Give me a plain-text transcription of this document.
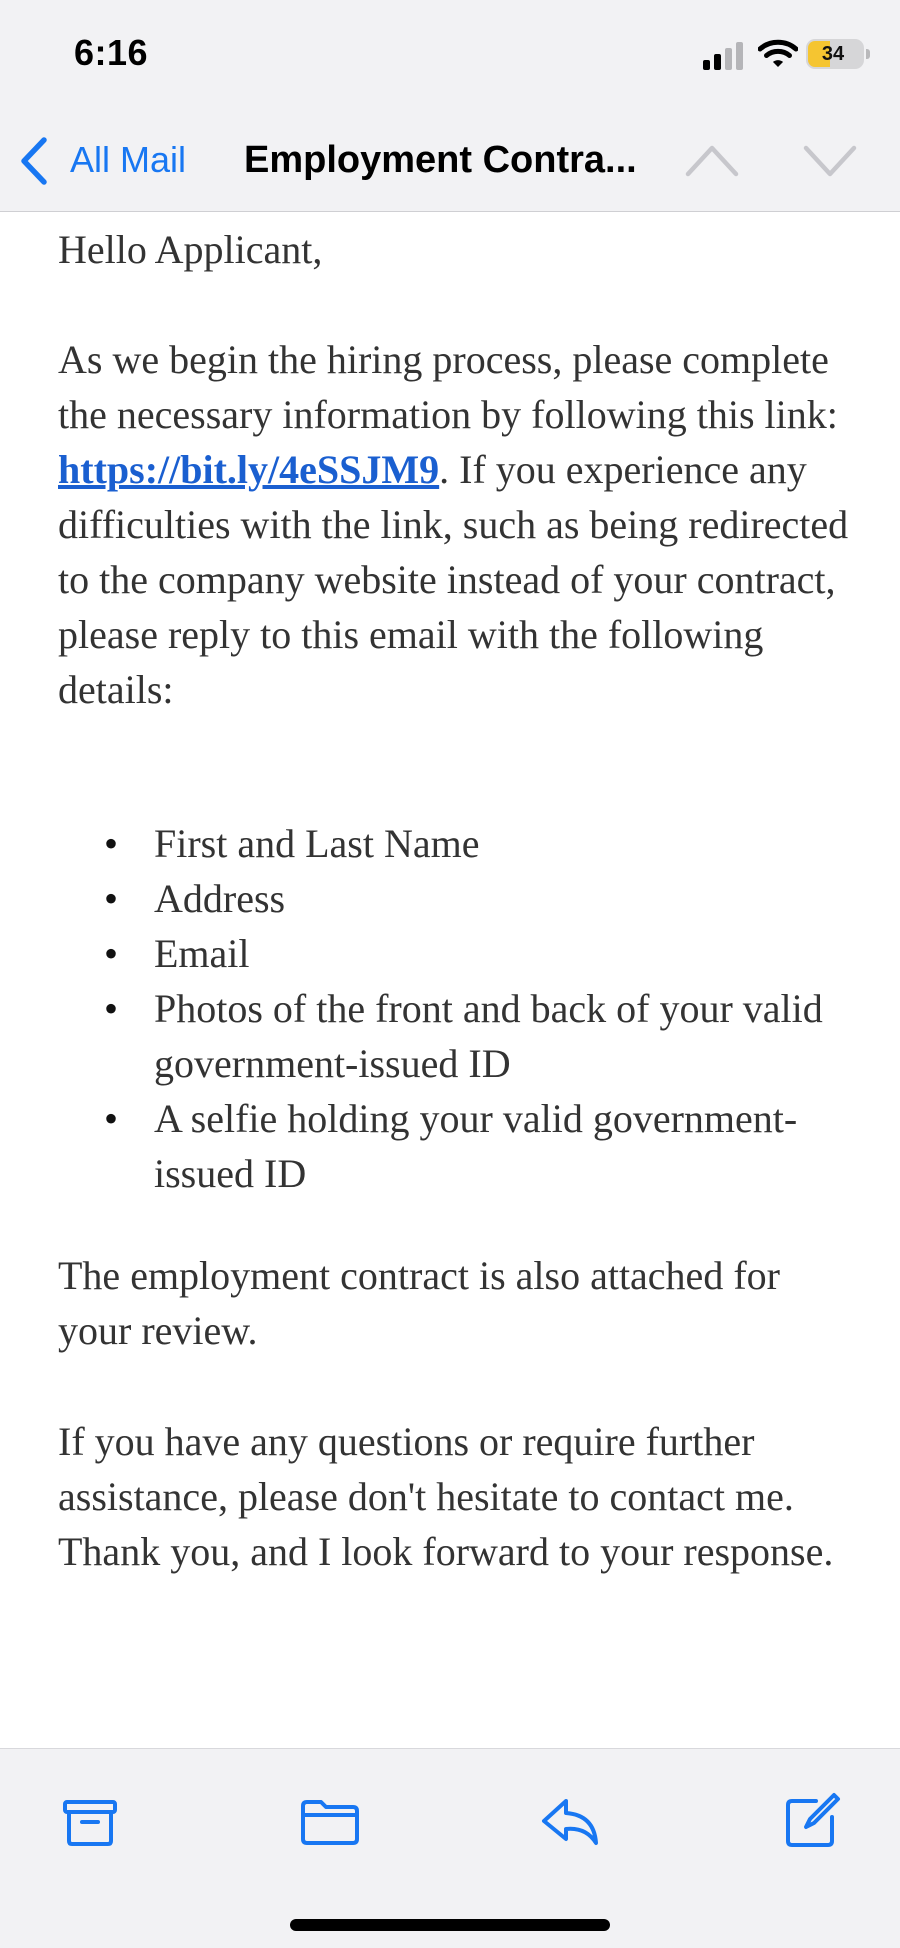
6:16	34
All Mail Employment Contra...

Hello Applicant,

As we begin the hiring process, please complete the necessary information by following this link: https://bit.ly/4eSSJM9. If you experience any difficulties with the link, such as being redirected to the company website instead of your contract, please reply to this email with the following details:

• First and Last Name
• Address
• Email
• Photos of the front and back of your valid government-issued ID
• A selfie holding your valid government-issued ID

The employment contract is also attached for your review.

If you have any questions or require further assistance, please don't hesitate to contact me.

Thank you, and I look forward to your response.
